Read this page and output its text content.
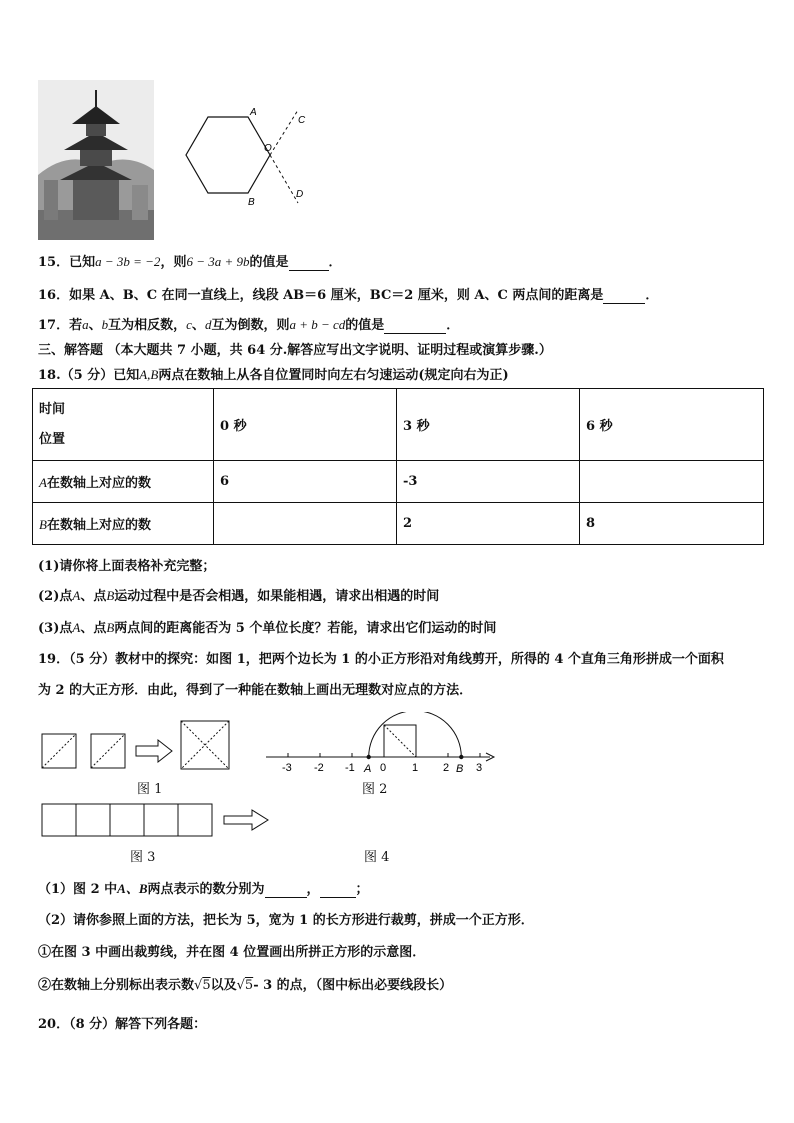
A
B
C
D
O
15．已知a − 3b = −2，则6 − 3a + 9b的值是	．
16．如果 A、B、C 在同一直线上，线段 AB＝6 厘米，BC＝2 厘米，则 A、C 两点间的距离是	．
17．若a、b互为相反数，c、d互为倒数，则a + b − cd的值是	．
三、解答题 （本大题共 7 小题，共 64 分.解答应写出文字说明、证明过程或演算步骤.）
18.（5 分）已知A,B两点在数轴上从各自位置同时向左右匀速运动(规定向右为正)
时间
位置	0 秒	3 秒	6 秒
A在数轴上对应的数	6	-3	
B在数轴上对应的数		2	8
(1)请你将上面表格补充完整；
(2)点A、点B运动过程中是否会相遇，如果能相遇，请求出相遇的时间
(3)点A、点B两点间的距离能否为 5 个单位长度？若能，请求出它们运动的时间
19．（5 分）教材中的探究：如图 1，把两个边长为 1 的小正方形沿对角线剪开，所得的 4 个直角三角形拼成一个面积
为 2 的大正方形．由此，得到了一种能在数轴上画出无理数对应点的方法．
图 1
-3 -2 -1 0 1 2 3
A	B
图 2
图 3	图 4
（1）图 2 中A、B两点表示的数分别为	，	；
（2）请你参照上面的方法，把长为 5，宽为 1 的长方形进行裁剪，拼成一个正方形．
①在图 3 中画出裁剪线，并在图 4 位置画出所拼正方形的示意图．
②在数轴上分别标出表示数√5以及√5- 3 的点，（图中标出必要线段长）
20．（8 分）解答下列各题：
